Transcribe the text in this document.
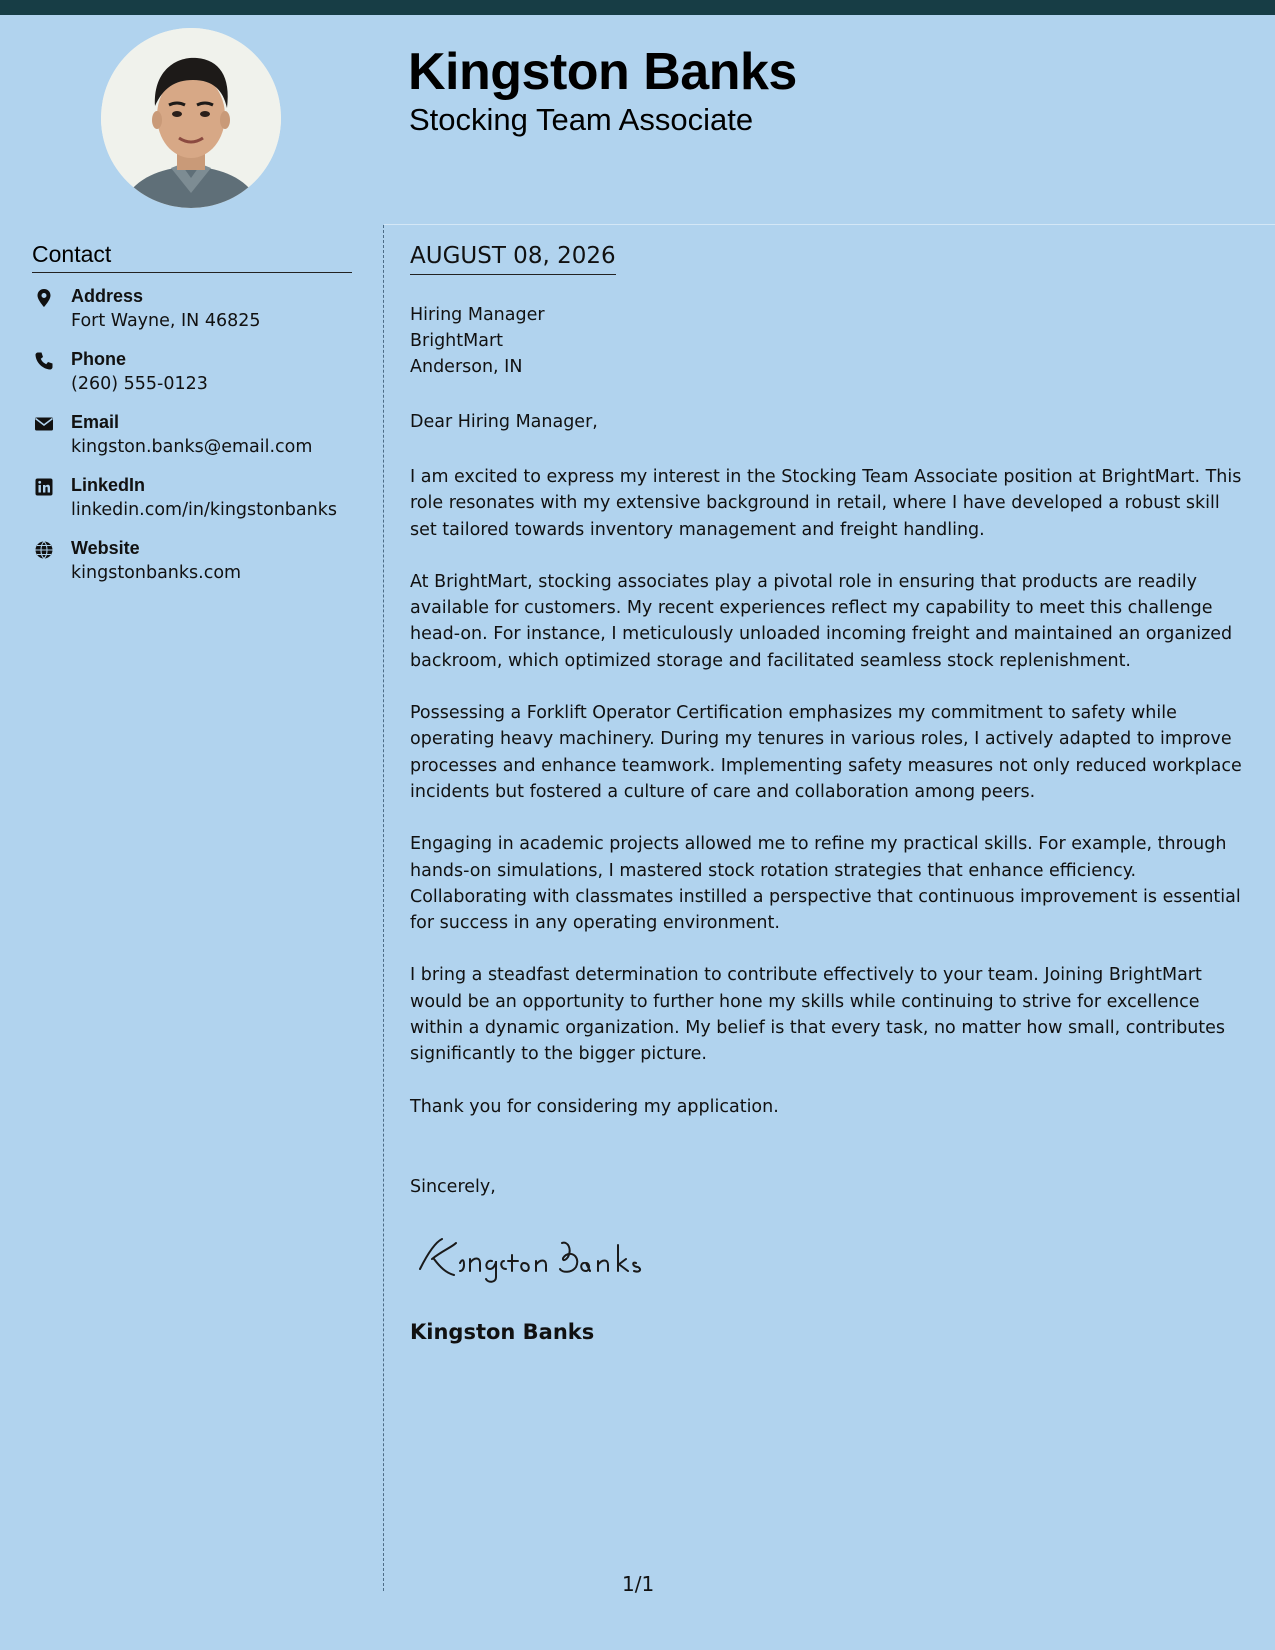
Kingston Banks
Stocking Team Associate
Contact
Address
Fort Wayne, IN 46825
Phone
(260) 555-0123
Email
kingston.banks@email.com
LinkedIn
linkedin.com/in/kingstonbanks
Website
kingstonbanks.com
AUGUST 08, 2026
Hiring Manager
BrightMart
Anderson, IN
Dear Hiring Manager,

I am excited to express my interest in the Stocking Team Associate position at BrightMart. This role resonates with my extensive background in retail, where I have developed a robust skill set tailored towards inventory management and freight handling.

At BrightMart, stocking associates play a pivotal role in ensuring that products are readily available for customers. My recent experiences reflect my capability to meet this challenge head-on. For instance, I meticulously unloaded incoming freight and maintained an organized backroom, which optimized storage and facilitated seamless stock replenishment.

Possessing a Forklift Operator Certification emphasizes my commitment to safety while operating heavy machinery. During my tenures in various roles, I actively adapted to improve processes and enhance teamwork. Implementing safety measures not only reduced workplace incidents but fostered a culture of care and collaboration among peers.

Engaging in academic projects allowed me to refine my practical skills. For example, through hands-on simulations, I mastered stock rotation strategies that enhance efficiency. Collaborating with classmates instilled a perspective that continuous improvement is essential for success in any operating environment.

I bring a steadfast determination to contribute effectively to your team. Joining BrightMart would be an opportunity to further hone my skills while continuing to strive for excellence within a dynamic organization. My belief is that every task, no matter how small, contributes significantly to the bigger picture.

Thank you for considering my application.

Sincerely,
Kingston Banks
1/1
